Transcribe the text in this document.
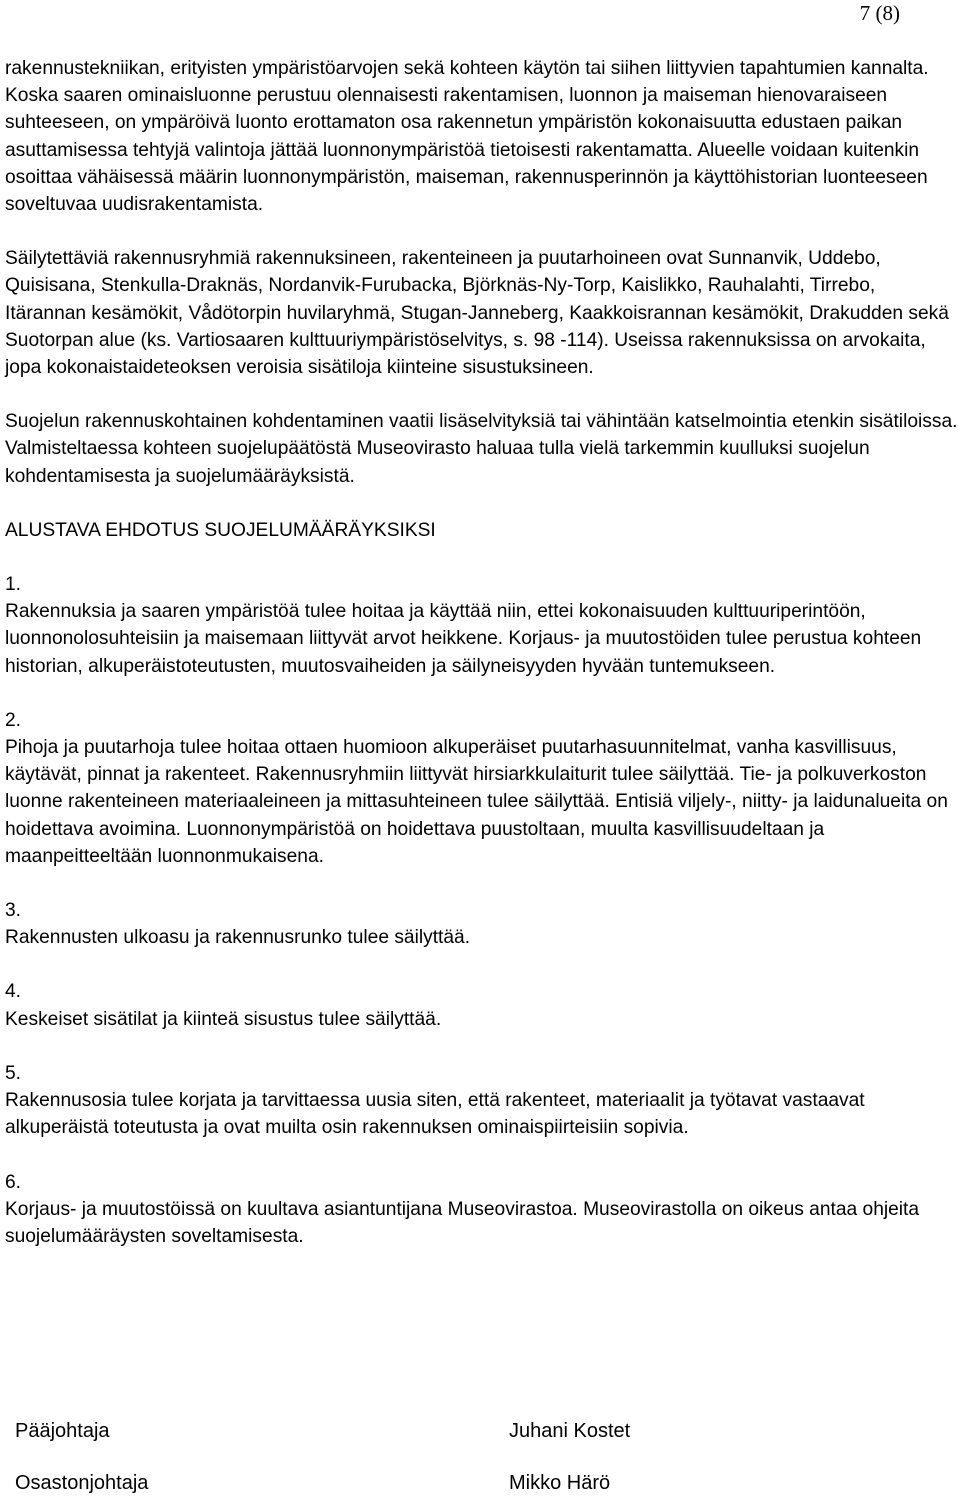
7 (8)

rakennustekniikan, erityisten ympäristöarvojen sekä kohteen käytön tai siihen liittyvien tapahtumien kannalta. Koska saaren ominaisluonne perustuu olennaisesti rakentamisen, luonnon ja maiseman hienovaraiseen suhteeseen, on ympäröivä luonto erottamaton osa rakennetun ympäristön kokonaisuutta edustaen paikan asuttamisessa tehtyjä valintoja jättää luonnonympäristöä tietoisesti rakentamatta. Alueelle voidaan kuitenkin osoittaa vähäisessä määrin luonnonympäristön, maiseman, rakennusperinnön ja käyttöhistorian luonteeseen soveltuvaa uudisrakentamista.

Säilytettäviä rakennusryhmiä rakennuksineen, rakenteineen ja puutarhoineen ovat Sunnanvik, Uddebo, Quisisana, Stenkulla-Draknäs, Nordanvik-Furubacka, Björknäs-Ny-Torp, Kaislikko, Rauhalahti, Tirrebo, Itärannan kesämökit, Vådötorpin huvilaryhmä, Stugan-Janneberg, Kaakkoisrannan kesämökit, Drakudden sekä Suotorpan alue (ks. Vartiosaaren kulttuuriympäristöselvitys, s. 98 -114). Useissa rakennuksissa on arvokaita, jopa kokonaistaideteoksen veroisia sisätiloja kiinteine sisustuksineen.

Suojelun rakennuskohtainen kohdentaminen vaatii lisäselvityksiä tai vähintään katselmointia etenkin sisätiloissa. Valmisteltaessa kohteen suojelupäätöstä Museovirasto haluaa tulla vielä tarkemmin kuulluksi suojelun kohdentamisesta ja suojelumääräyksistä.

ALUSTAVA EHDOTUS SUOJELUMÄÄRÄYKSIKSI

1.

Rakennuksia ja saaren ympäristöä tulee hoitaa ja käyttää niin, ettei kokonaisuuden kulttuuriperintöön, luonnonolosuhteisiin ja maisemaan liittyvät arvot heikkene. Korjaus- ja muutostöiden tulee perustua kohteen historian, alkuperäistoteutusten, muutosvaiheiden ja säilyneisyyden hyvään tuntemukseen.

2.

Pihoja ja puutarhoja tulee hoitaa ottaen huomioon alkuperäiset puutarhasuunnitelmat, vanha kasvillisuus, käytävät, pinnat ja rakenteet. Rakennusryhmiin liittyvät hirsiarkkulaiturit tulee säilyttää. Tie- ja polkuverkoston luonne rakenteineen materiaaleineen ja mittasuhteineen tulee säilyttää. Entisiä viljely-, niitty- ja laidunalueita on hoidettava avoimina. Luonnonympäristöä on hoidettava puustoltaan, muulta kasvillisuudeltaan ja maanpeitteeltään luonnonmukaisena.

3.

Rakennusten ulkoasu ja rakennusrunko tulee säilyttää.

4.

Keskeiset sisätilat ja kiinteä sisustus tulee säilyttää.

5.

Rakennusosia tulee korjata ja tarvittaessa uusia siten, että rakenteet, materiaalit ja työtavat vastaavat alkuperäistä toteutusta ja ovat muilta osin rakennuksen ominaispiirteisiin sopivia.

6.

Korjaus- ja muutostöissä on kuultava asiantuntijana Museovirastoa. Museovirastolla on oikeus antaa ohjeita suojelumääräysten soveltamisesta.

Pääjohtaja	Juhani Kostet
Osastonjohtaja	Mikko Härö
